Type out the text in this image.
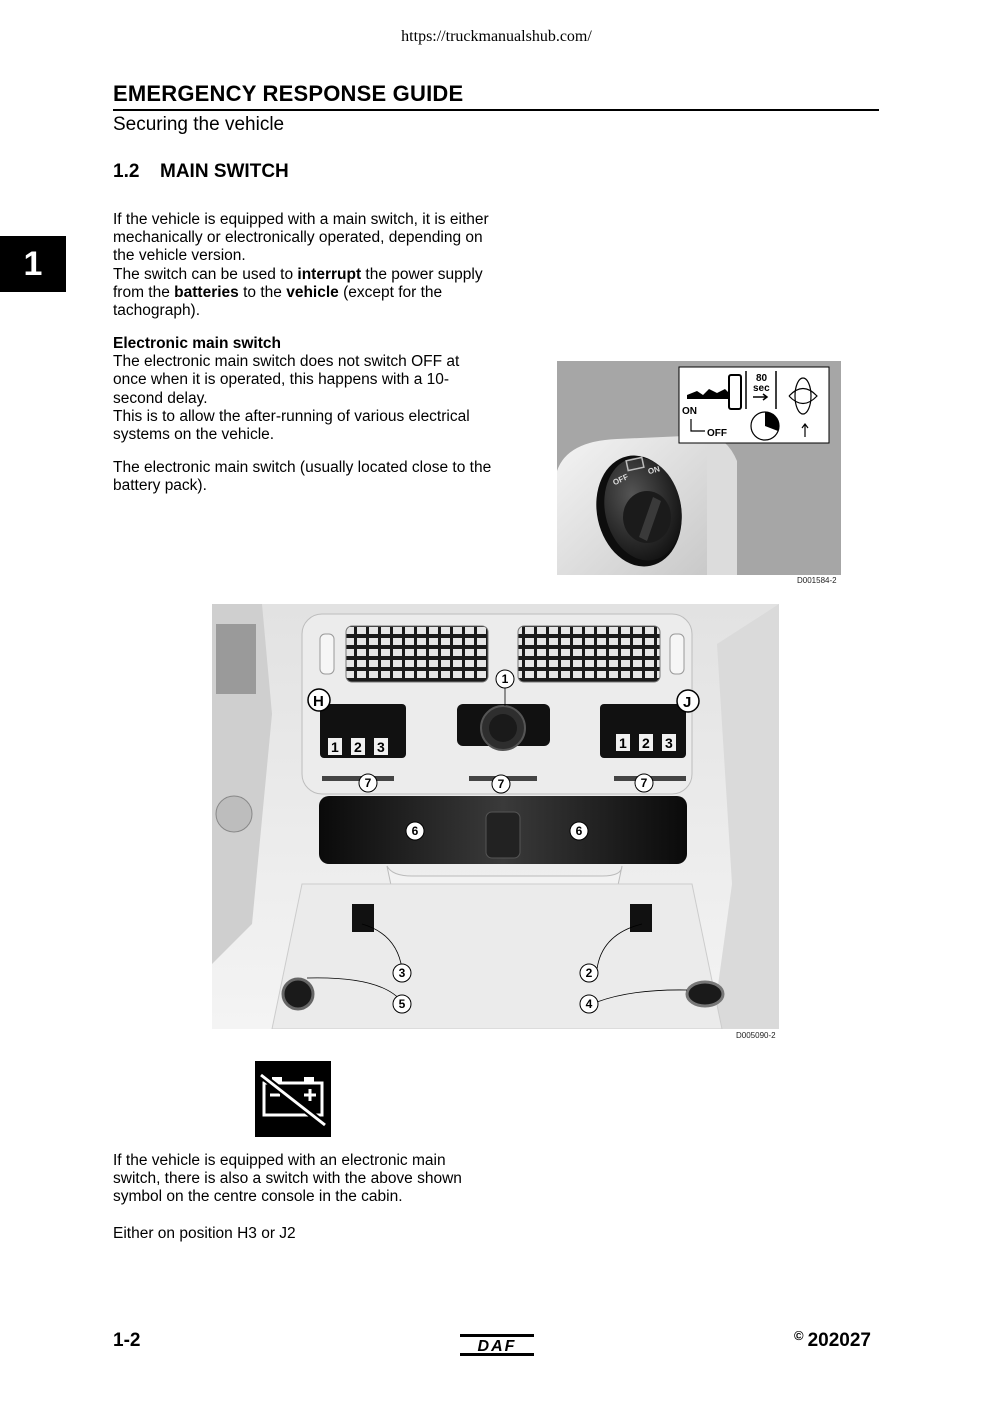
https://truckmanualshub.com/
EMERGENCY RESPONSE GUIDE
Securing the vehicle
1.2 MAIN SWITCH
1

If the vehicle is equipped with a main switch, it is either mechanically or electronically operated, depending on the vehicle version.

The switch can be used to interrupt the power supply from the batteries to the vehicle (except for the tachograph).

Electronic main switch

The electronic main switch does not switch OFF at once when it is operated, this happens with a 10-second delay.

This is to allow the after-running of various electrical systems on the vehicle.

The electronic main switch (usually located close to the battery pack).	OFF
ON
80
sec
ON
OFF
D001584-2
1 2 3	1 2 3
H	J
1
2
3
4
5
6	6
7	7	7
D005090-2

If the vehicle is equipped with an electronic main switch, there is also a switch with the above shown symbol on the centre console in the cabin.

Either on position H3 or J2

1-2	DAF
© 202027
